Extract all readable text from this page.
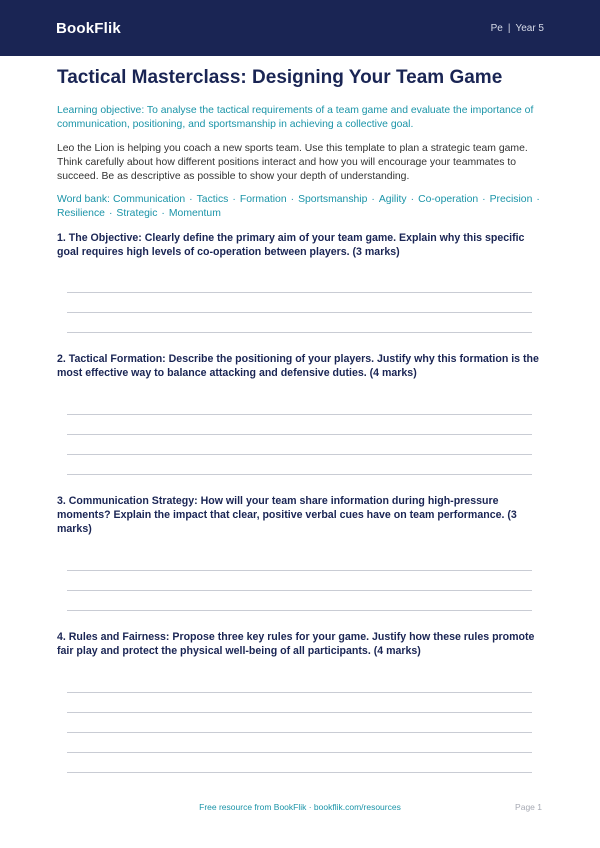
BookFlik	Pe | Year 5
Tactical Masterclass: Designing Your Team Game
Learning objective: To analyse the tactical requirements of a team game and evaluate the importance of communication, positioning, and sportsmanship in achieving a collective goal.
Leo the Lion is helping you coach a new sports team. Use this template to plan a strategic team game. Think carefully about how different positions interact and how you will encourage your teammates to succeed. Be as descriptive as possible to show your depth of understanding.
Word bank: Communication · Tactics · Formation · Sportsmanship · Agility · Co-operation · Precision · Resilience · Strategic · Momentum

1. The Objective: Clearly define the primary aim of your team game. Explain why this specific goal requires high levels of co-operation between players. (3 marks)

2. Tactical Formation: Describe the positioning of your players. Justify why this formation is the most effective way to balance attacking and defensive duties. (4 marks)

3. Communication Strategy: How will your team share information during high-pressure moments? Explain the impact that clear, positive verbal cues have on team performance. (3 marks)

4. Rules and Fairness: Propose three key rules for your game. Justify how these rules promote fair play and protect the physical well-being of all participants. (4 marks)

Free resource from BookFlik · bookflik.com/resources	Page 1
